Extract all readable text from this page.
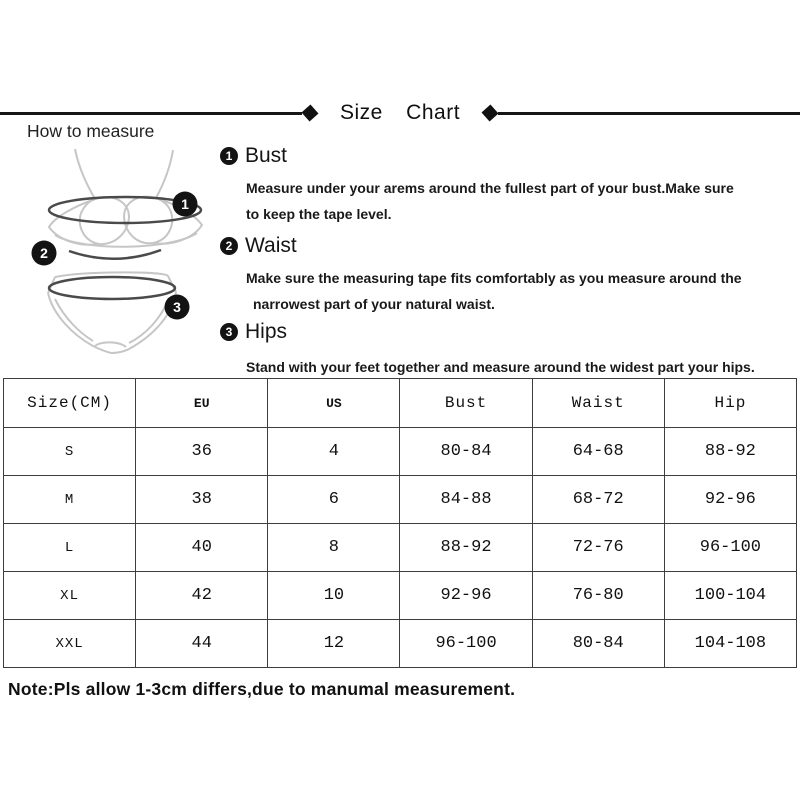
Size Chart
How to measure
1
2
3
1 Bust
Measure under your arems around the fullest part of your bust.Make sure
to keep the tape level.
2 Waist
Make sure the measuring tape fits comfortably as you measure around the
narrowest part of your natural waist.
3 Hips
Stand with your feet together and measure around the widest part your hips.
Size(CM)	EU	US	Bust	Waist	Hip
S	36	4	80-84	64-68	88-92
M	38	6	84-88	68-72	92-96
L	40	8	88-92	72-76	96-100
XL	42	10	92-96	76-80	100-104
XXL	44	12	96-100	80-84	104-108
Note:Pls allow 1-3cm differs,due to manumal measurement.
